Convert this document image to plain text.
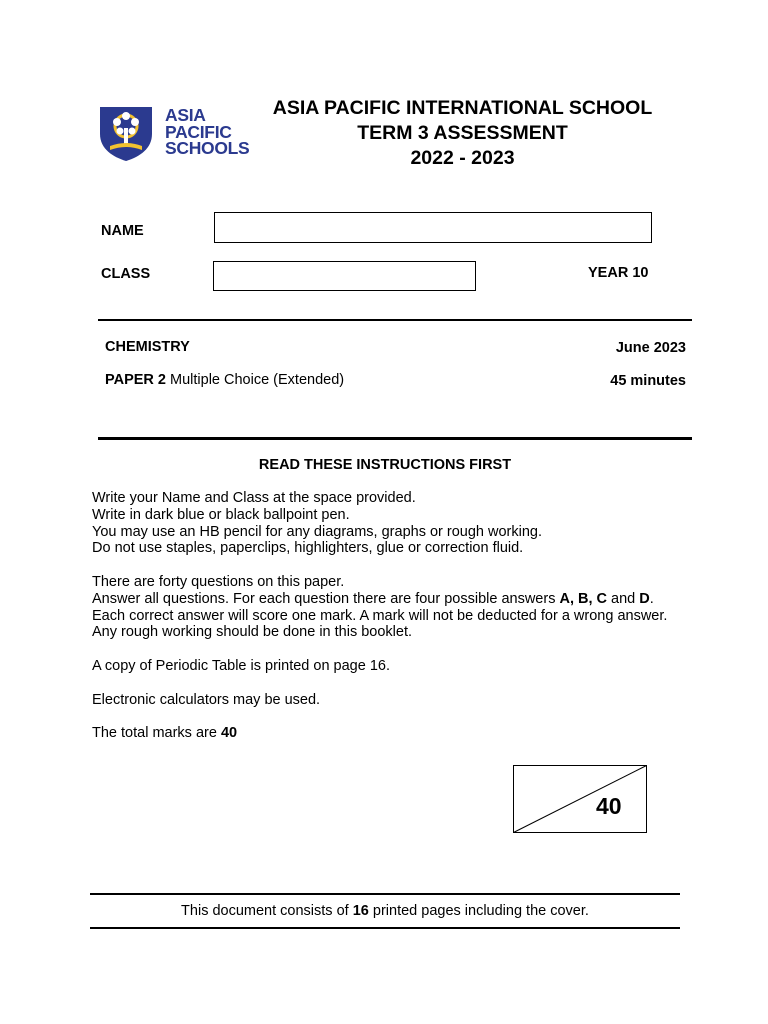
ASIA
PACIFIC
SCHOOLS
ASIA PACIFIC INTERNATIONAL SCHOOL
TERM 3 ASSESSMENT
2022 - 2023
NAME
CLASS	YEAR 10
CHEMISTRY	June 2023
PAPER 2 Multiple Choice (Extended)	45 minutes
READ THESE INSTRUCTIONS FIRST

Write your Name and Class at the space provided.

Write in dark blue or black ballpoint pen.

You may use an HB pencil for any diagrams, graphs or rough working.

Do not use staples, paperclips, highlighters, glue or correction fluid.

There are forty questions on this paper.

Answer all questions. For each question there are four possible answers A, B, C and D.

Each correct answer will score one mark. A mark will not be deducted for a wrong answer.

Any rough working should be done in this booklet.

A copy of Periodic Table is printed on page 16.

Electronic calculators may be used.

The total marks are 40

40
This document consists of 16 printed pages including the cover.
